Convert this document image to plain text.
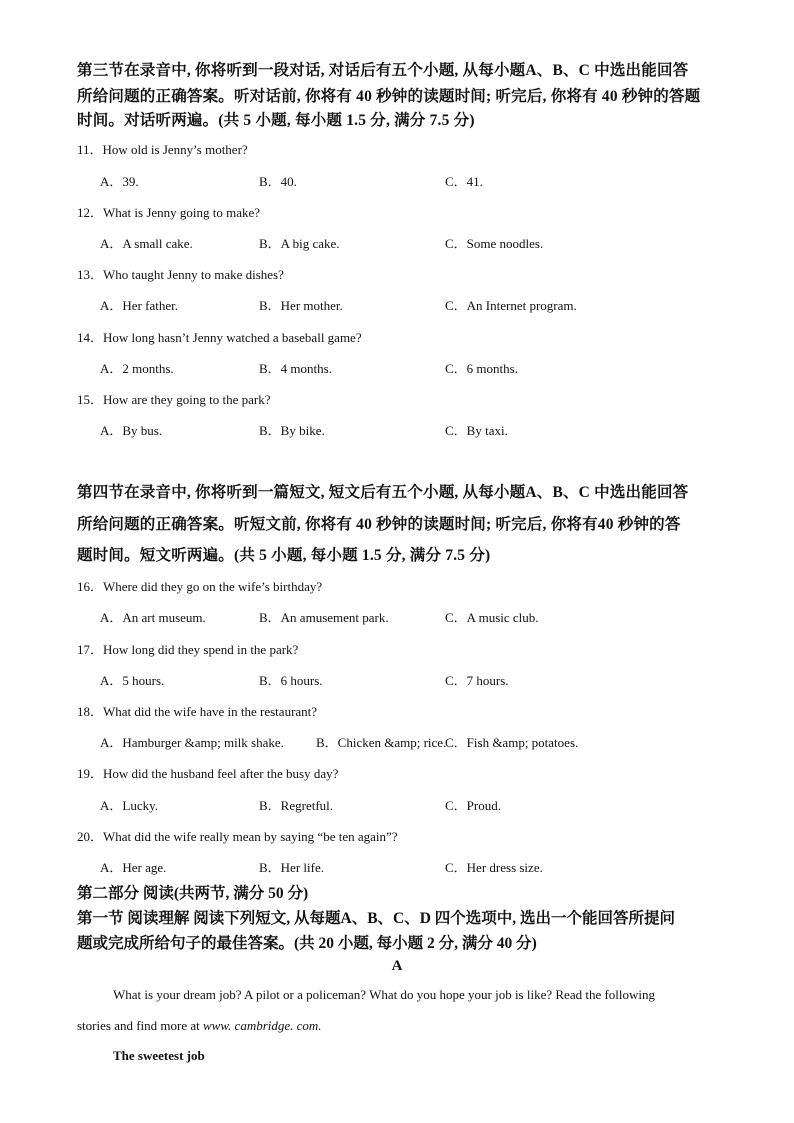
第三节在录音中, 你将听到一段对话, 对话后有五个小题, 从每小题A、B、C 中选出能回答
所给问题的正确答案。听对话前, 你将有 40 秒钟的读题时间; 听完后, 你将有 40 秒钟的答题
时间。对话听两遍。(共 5 小题, 每小题 1.5 分, 满分 7.5 分)
11．How old is Jenny’s mother?
A．39.	B．40.	C．41.
12．What is Jenny going to make?
A．A small cake.	B．A big cake.	C．Some noodles.
13．Who taught Jenny to make dishes?
A．Her father.	B．Her mother.	C．An Internet program.
14．How long hasn’t Jenny watched a baseball game?
A．2 months.	B．4 months.	C．6 months.
15．How are they going to the park?
A．By bus.	B．By bike.	C．By taxi.
第四节在录音中, 你将听到一篇短文, 短文后有五个小题, 从每小题A、B、C 中选出能回答
所给问题的正确答案。听短文前, 你将有 40 秒钟的读题时间; 听完后, 你将有40 秒钟的答
题时间。短文听两遍。(共 5 小题, 每小题 1.5 分, 满分 7.5 分)
16．Where did they go on the wife’s birthday?
A．An art museum.	B．An amusement park.	C．A music club.
17．How long did they spend in the park?
A．5 hours.	B．6 hours.	C．7 hours.
18．What did the wife have in the restaurant?
A．Hamburger &amp; milk shake. B．Chicken &amp; rice.
C．Fish &amp; potatoes.
19．How did the husband feel after the busy day?
A．Lucky.	B．Regretful.	C．Proud.
20．What did the wife really mean by saying “be ten again”?
A．Her age.	B．Her life.	C．Her dress size.
第二部分 阅读(共两节, 满分 50 分)
第一节 阅读理解 阅读下列短文, 从每题A、B、C、D 四个选项中, 选出一个能回答所提问
题或完成所给句子的最佳答案。(共 20 小题, 每小题 2 分, 满分 40 分)
A
What is your dream job? A pilot or a policeman? What do you hope your job is like? Read the following
stories and find more at www. cambridge. com.
The sweetest job
